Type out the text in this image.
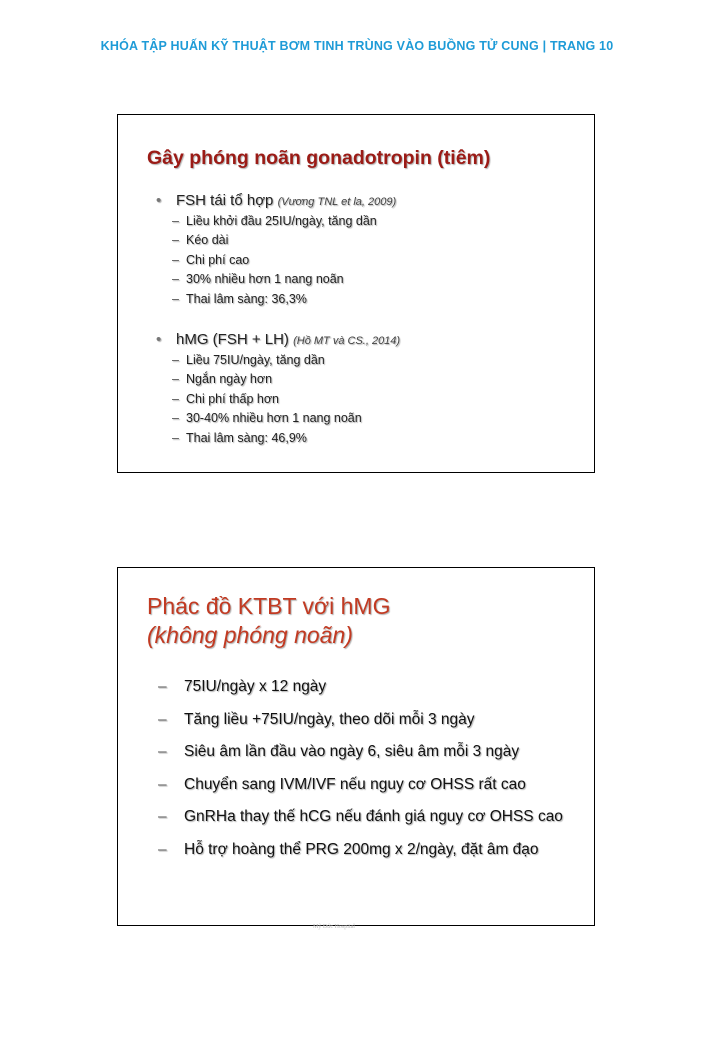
KHÓA TẬP HUẤN KỸ THUẬT BƠM TINH TRÙNG VÀO BUỒNG TỬ CUNG | TRANG 10
Gây phóng noãn gonadotropin (tiêm)
• FSH tái tổ hợp (Vương TNL et la, 2009)
– Liều khởi đầu 25IU/ngày, tăng dần
– Kéo dài
– Chi phí cao
– 30% nhiều hơn 1 nang noãn
– Thai lâm sàng: 36,3%
• hMG (FSH + LH) (Hồ MT và CS., 2014)
– Liều 75IU/ngày, tăng dần
– Ngắn ngày hơn
– Chi phí thấp hơn
– 30-40% nhiều hơn 1 nang noãn
– Thai lâm sàng: 46,9%
Phác đồ KTBT với hMG
(không phóng noãn)
– 75IU/ngày x 12 ngày
– Tăng liều +75IU/ngày, theo dõi mỗi 3 ngày
– Siêu âm lần đầu vào ngày 6, siêu âm mỗi 3 ngày
– Chuyển sang IVM/IVF nếu nguy cơ OHSS rất cao
– GnRHa thay thế hCG nếu đánh giá nguy cơ OHSS cao
– Hỗ trợ hoàng thể PRG 200mg x 2/ngày, đặt âm đạo
Mỹ Đức Hospital
